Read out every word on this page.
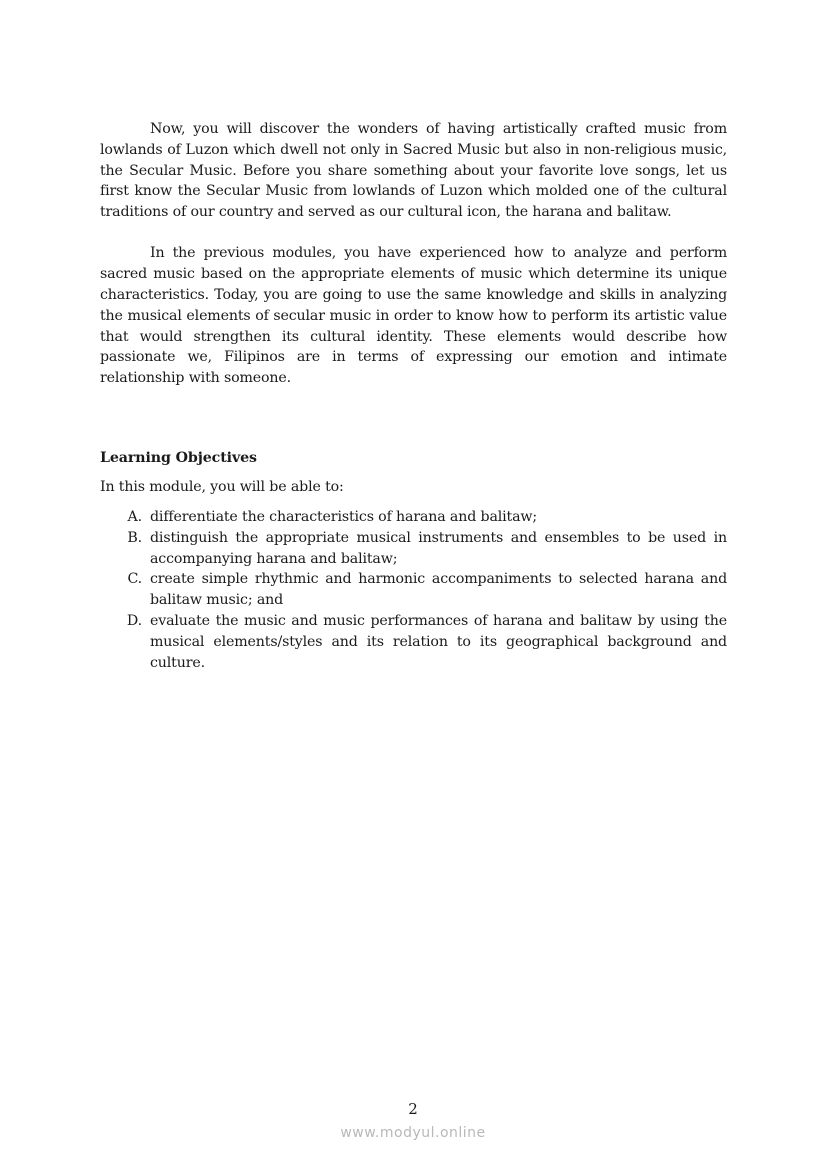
Now, you will discover the wonders of having artistically crafted music from lowlands of Luzon which dwell not only in Sacred Music but also in non-religious music, the Secular Music. Before you share something about your favorite love songs, let us first know the Secular Music from lowlands of Luzon which molded one of the cultural traditions of our country and served as our cultural icon, the harana and balitaw.

In the previous modules, you have experienced how to analyze and perform sacred music based on the appropriate elements of music which determine its unique characteristics. Today, you are going to use the same knowledge and skills in analyzing the musical elements of secular music in order to know how to perform its artistic value that would strengthen its cultural identity. These elements would describe how passionate we, Filipinos are in terms of expressing our emotion and intimate relationship with someone.

Learning Objectives

In this module, you will be able to:

A. differentiate the characteristics of harana and balitaw;
B. distinguish the appropriate musical instruments and ensembles to be used in accompanying harana and balitaw;
C. create simple rhythmic and harmonic accompaniments to selected harana and balitaw music; and
D. evaluate the music and music performances of harana and balitaw by using the musical elements/styles and its relation to its geographical background and culture.

2

www.modyul.online
